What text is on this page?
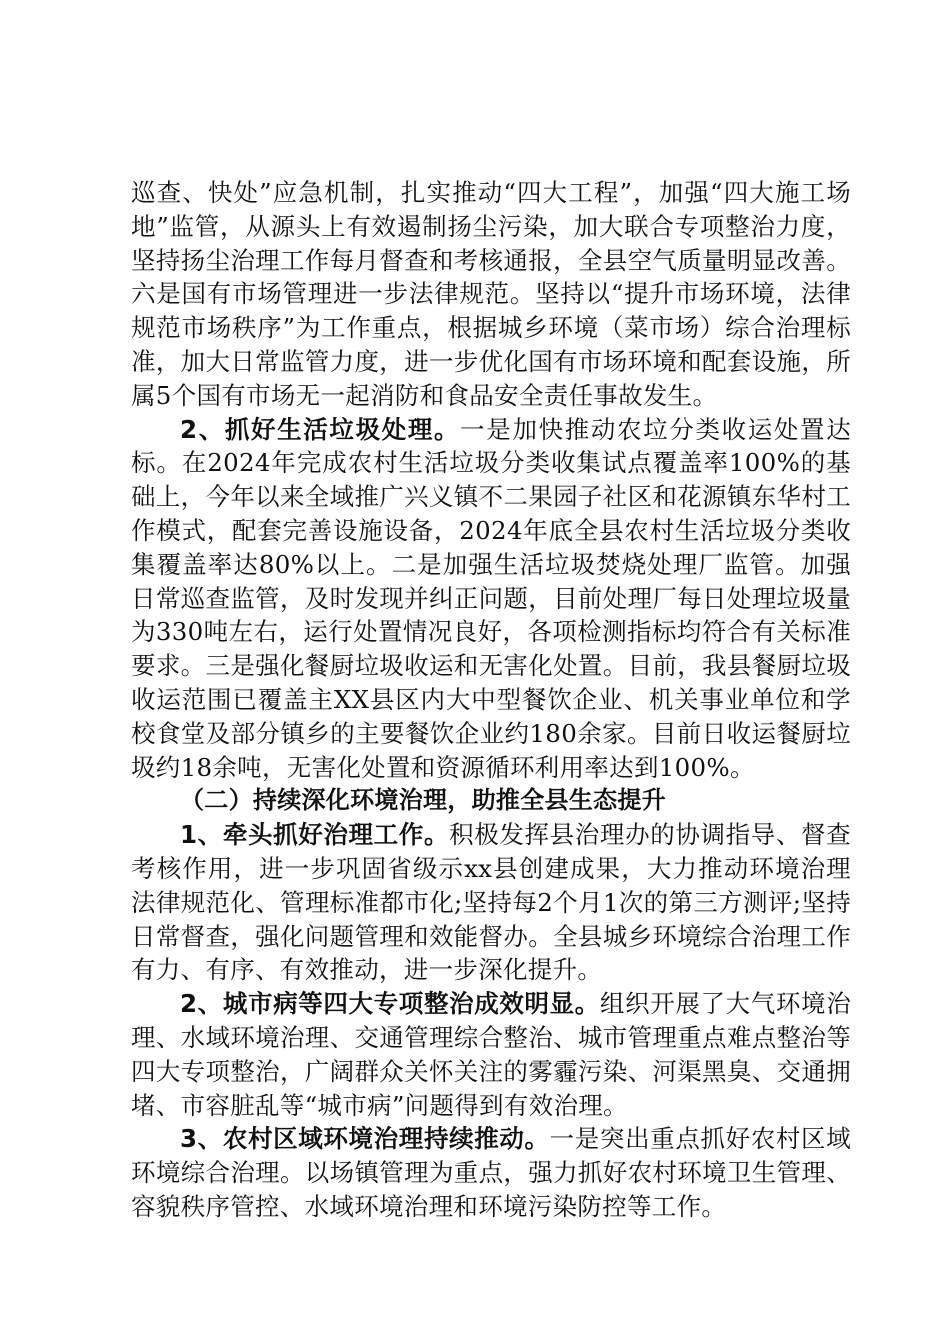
巡查、快处”应急机制，扎实推动“四大工程”，加强“四大施工场地”监管，从源头上有效遏制扬尘污染，加大联合专项整治力度，坚持扬尘治理工作每月督查和考核通报，全县空气质量明显改善。六是国有市场管理进一步法律规范。坚持以“提升市场环境，法律规范市场秩序”为工作重点，根据城乡环境（菜市场）综合治理标准，加大日常监管力度，进一步优化国有市场环境和配套设施，所属5个国有市场无一起消防和食品安全责任事故发生。

2、抓好生活垃圾处理。一是加快推动农垃分类收运处置达标。在2024年完成农村生活垃圾分类收集试点覆盖率100%的基础上，今年以来全域推广兴义镇不二果园子社区和花源镇东华村工作模式，配套完善设施设备，2024年底全县农村生活垃圾分类收集覆盖率达80%以上。二是加强生活垃圾焚烧处理厂监管。加强日常巡查监管，及时发现并纠正问题，目前处理厂每日处理垃圾量为330吨左右，运行处置情况良好，各项检测指标均符合有关标准要求。三是强化餐厨垃圾收运和无害化处置。目前，我县餐厨垃圾收运范围已覆盖主XX县区内大中型餐饮企业、机关事业单位和学校食堂及部分镇乡的主要餐饮企业约180余家。目前日收运餐厨垃圾约18余吨，无害化处置和资源循环利用率达到100%。

（二）持续深化环境治理，助推全县生态提升

1、牵头抓好治理工作。积极发挥县治理办的协调指导、督查考核作用，进一步巩固省级示xx县创建成果，大力推动环境治理法律规范化、管理标准都市化;坚持每2个月1次的第三方测评;坚持日常督查，强化问题管理和效能督办。全县城乡环境综合治理工作有力、有序、有效推动，进一步深化提升。

2、城市病等四大专项整治成效明显。组织开展了大气环境治理、水域环境治理、交通管理综合整治、城市管理重点难点整治等四大专项整治，广阔群众关怀关注的雾霾污染、河渠黑臭、交通拥堵、市容脏乱等“城市病”问题得到有效治理。

3、农村区域环境治理持续推动。一是突出重点抓好农村区域环境综合治理。以场镇管理为重点，强力抓好农村环境卫生管理、容貌秩序管控、水域环境治理和环境污染防控等工作。
